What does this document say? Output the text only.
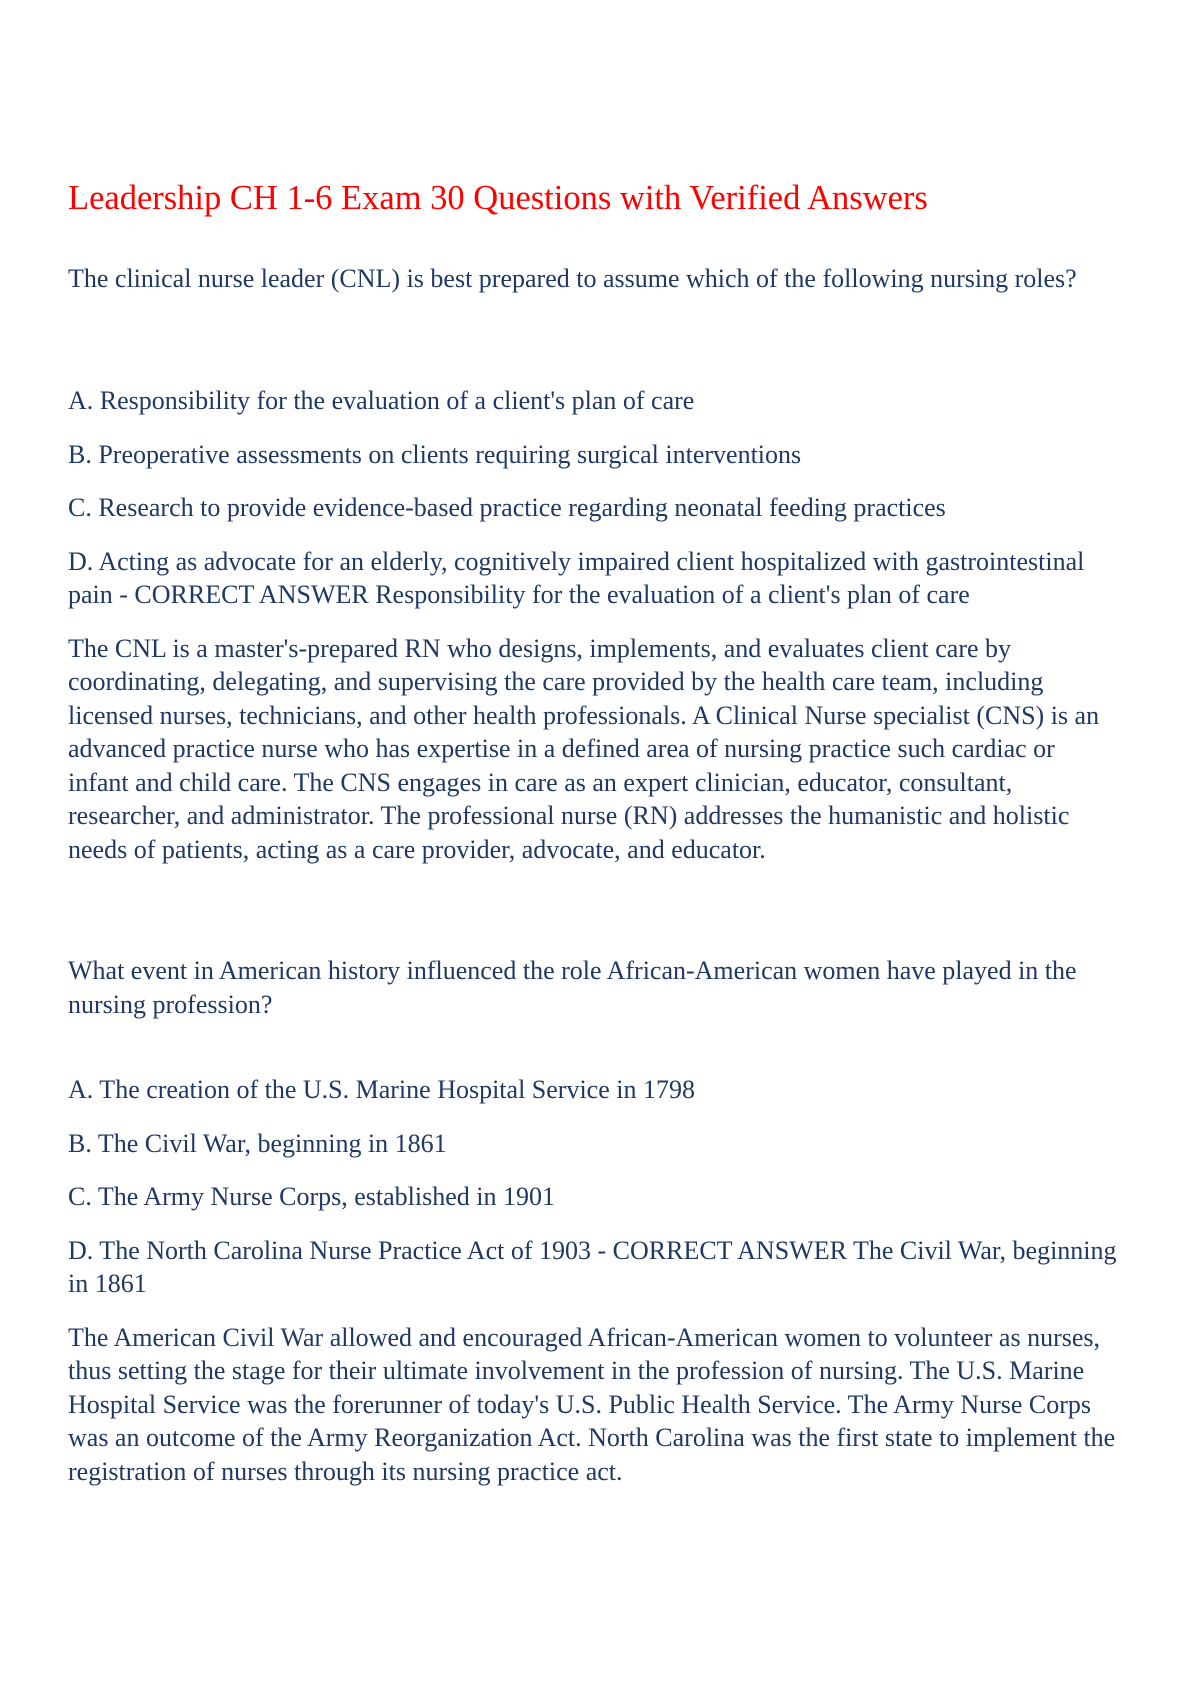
Leadership CH 1-6 Exam 30 Questions with Verified Answers

The clinical nurse leader (CNL) is best prepared to assume which of the following nursing roles?

A. Responsibility for the evaluation of a client's plan of care

B. Preoperative assessments on clients requiring surgical interventions

C. Research to provide evidence-based practice regarding neonatal feeding practices

D. Acting as advocate for an elderly, cognitively impaired client hospitalized with gastrointestinal pain - CORRECT ANSWER Responsibility for the evaluation of a client's plan of care

The CNL is a master's-prepared RN who designs, implements, and evaluates client care by coordinating, delegating, and supervising the care provided by the health care team, including licensed nurses, technicians, and other health professionals. A Clinical Nurse specialist (CNS) is an advanced practice nurse who has expertise in a defined area of nursing practice such cardiac or infant and child care. The CNS engages in care as an expert clinician, educator, consultant, researcher, and administrator. The professional nurse (RN) addresses the humanistic and holistic needs of patients, acting as a care provider, advocate, and educator.

What event in American history influenced the role African-American women have played in the nursing profession?

A. The creation of the U.S. Marine Hospital Service in 1798

B. The Civil War, beginning in 1861

C. The Army Nurse Corps, established in 1901

D. The North Carolina Nurse Practice Act of 1903 - CORRECT ANSWER The Civil War, beginning in 1861

The American Civil War allowed and encouraged African-American women to volunteer as nurses, thus setting the stage for their ultimate involvement in the profession of nursing. The U.S. Marine Hospital Service was the forerunner of today's U.S. Public Health Service. The Army Nurse Corps was an outcome of the Army Reorganization Act. North Carolina was the first state to implement the registration of nurses through its nursing practice act.
